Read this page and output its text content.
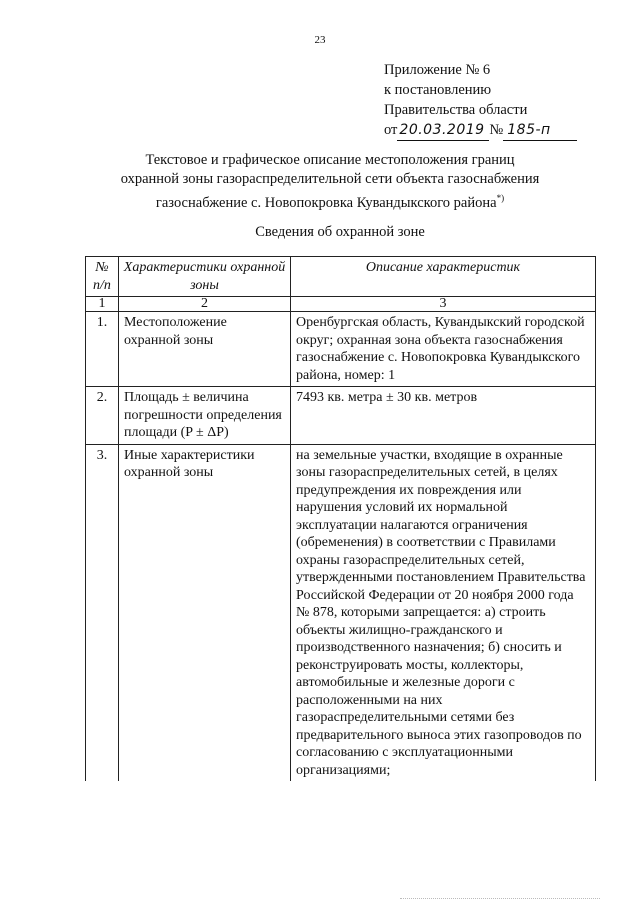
23
Приложение № 6
к постановлению
Правительства области
от 20.03.2019 № 185-п
Текстовое и графическое описание местоположения границ
охранной зоны газораспределительной сети объекта газоснабжения
газоснабжение с. Новопокровка Кувандыкского района*)
Сведения об охранной зоне
№ п/п	Характеристики охранной зоны	Описание характеристик
1	2	3
1.	Местоположение охранной зоны	Оренбургская область, Кувандыкский городской округ; охранная зона объекта газоснабжения газоснабжение с. Новопокровка Кувандыкского района, номер: 1
2.	Площадь ± величина погрешности определения площади (P ± ΔP)	7493 кв. метра ± 30 кв. метров
3.	Иные характеристики охранной зоны	на земельные участки, входящие в охранные зоны газораспределительных сетей, в целях предупреждения их повреждения или нарушения условий их нормальной эксплуатации налагаются ограничения (обременения) в соответствии с Правилами охраны газораспределительных сетей, утвержденными постановлением Правительства Российской Федерации от 20 ноября 2000 года № 878, которыми запрещается: а) строить объекты жилищно-гражданского и производственного назначения; б) сносить и реконструировать мосты, коллекторы, автомобильные и железные дороги с расположенными на них газораспределительными сетями без предварительного выноса этих газопроводов по согласованию с эксплуатационными организациями;
